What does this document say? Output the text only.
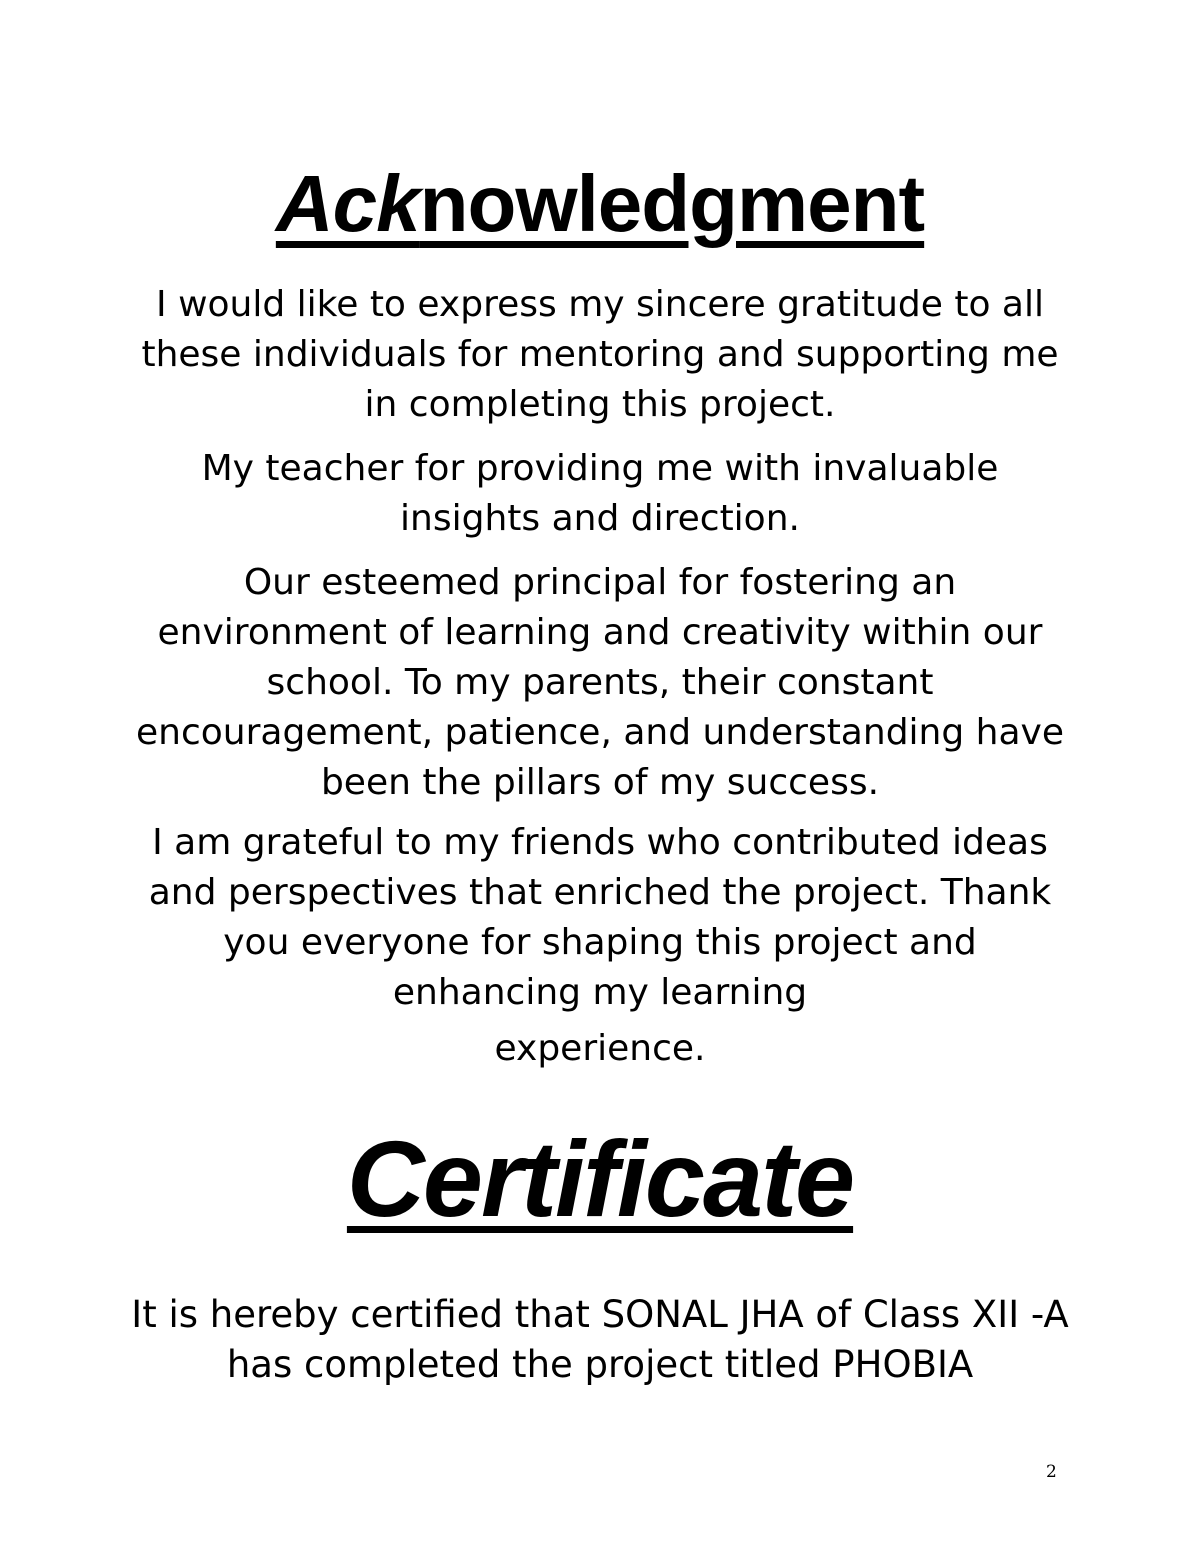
Acknowledgment

I would like to express my sincere gratitude to all these individuals for mentoring and supporting me   in completing this project.

My teacher for providing me with invaluable insights and direction.

Our esteemed principal for fostering an environment of learning and creativity within our school. To my parents, their constant encouragement, patience, and understanding have been the pillars of my success.

I am grateful to my friends who contributed ideas and perspectives that enriched the project. Thank you everyone for shaping this project and enhancing my learning
experience.

Certificate

It is hereby certified that SONAL JHA of Class XII -A has completed the project titled PHOBIA

2
